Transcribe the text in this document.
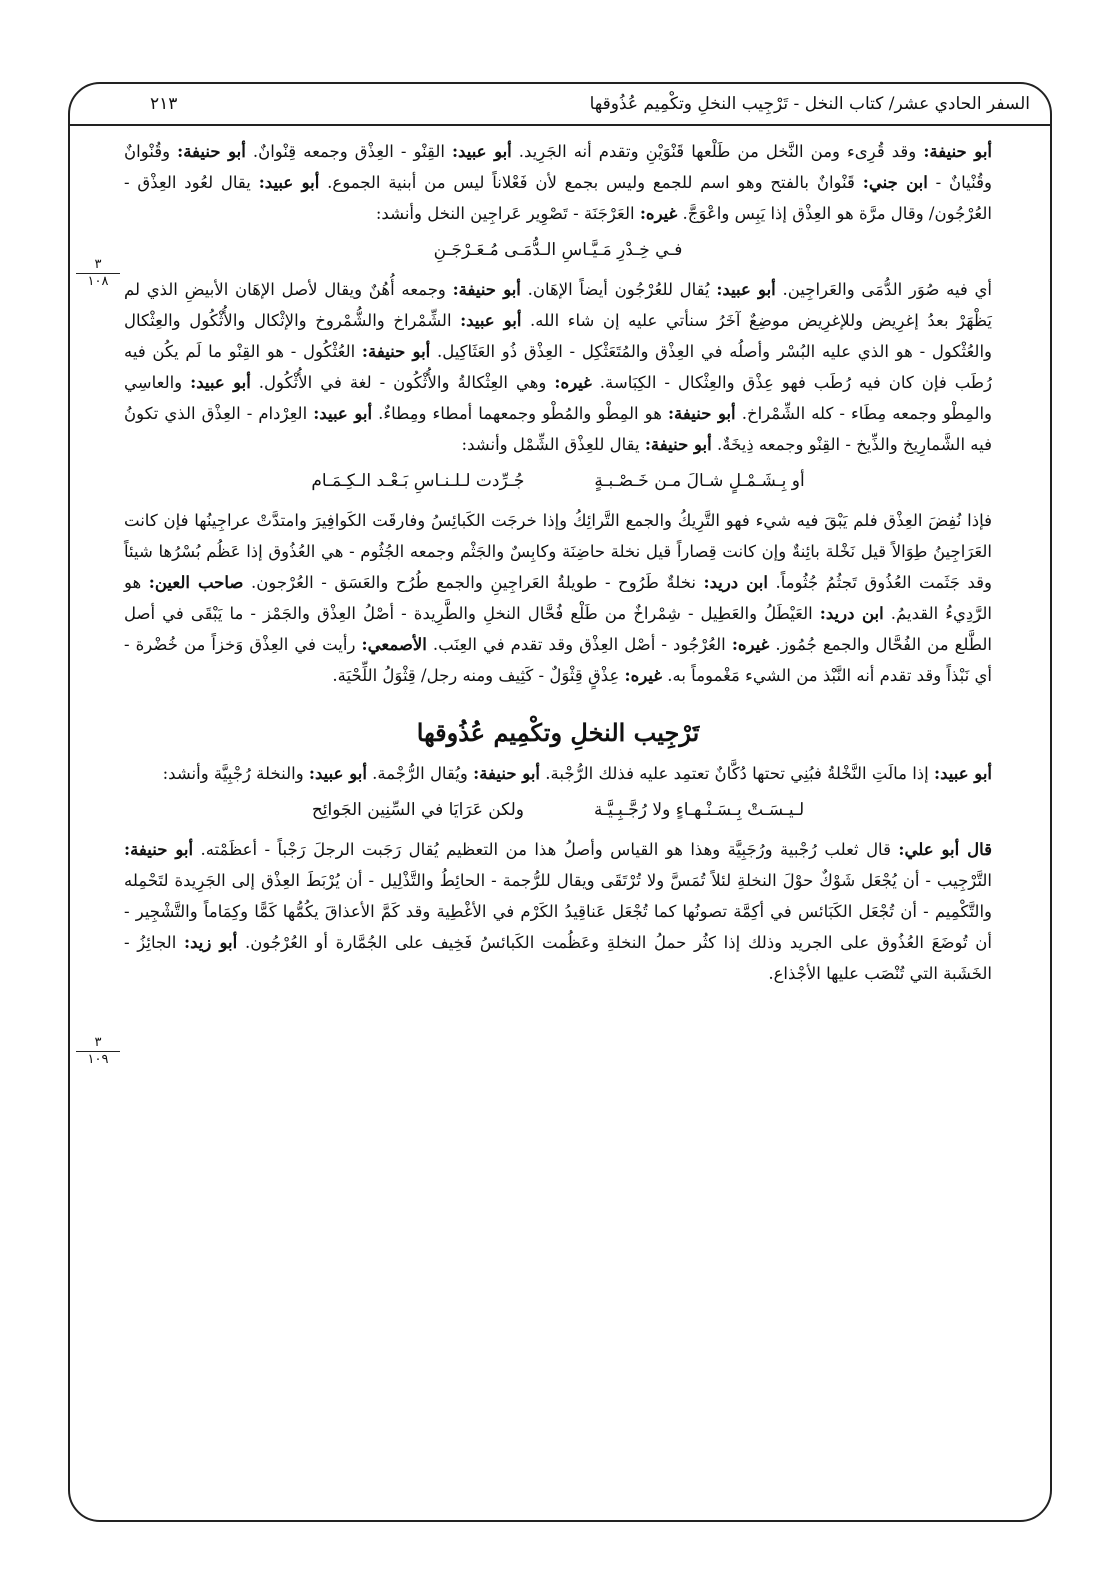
السفر الحادي عشر/ كتاب النخل - تَرْجِيب النخلِ وتكْمِيم عُذُوقها
٢١٣
٣
١٠٨
٣
١٠٩

أبو حنيفة: وقد قُرِىء ومن النَّخل من طَلْعها قَنْوَيْنِ وتقدم أنه الجَرِيد. أبو عبيد: القِنْو - العِذْق وجمعه قِنْوانٌ. أبو حنيفة: وقُنْوانٌ وقُنْيانٌ - ابن جني: قَنْوانٌ بالفتح وهو اسم للجمع وليس بجمع لأن فَعْلاناً ليس من أبنية الجموع. أبو عبيد: يقال لعُود العِذْق - العُرْجُون/ وقال مرَّة هو العِذْق إذا يَبِس واعْوَجَّ. غيره: العَرْجَنَة - تَصْوِير عَراجِين النخل وأنشد:

فـي خِـدْرِ مَـيَّـاسِ الـدُّمَـى مُـعَـرْجَـنِ

أي فيه صُوَر الدُّمَى والعَراجِين. أبو عبيد: يُقال للعُرْجُون أيضاً الإهَان. أبو حنيفة: وجمعه أُهُنٌ ويقال لأصل الإهَان الأبيضِ الذي لم يَظْهَرْ بعدُ إغرِيض وللإغرِيض موضِعٌ آخَرُ سنأتي عليه إن شاء الله. أبو عبيد: الشِّمْراخ والشُّمْروخ والإثْكال والأُثْكُول والعِثْكال والعُثْكول - هو الذي عليه البُسْر وأصلُه في العِذْق والمُتَعَثْكِل - العِذْق ذُو العَثَاكِيل. أبو حنيفة: العُثْكُول - هو القِنْو ما لَم يكُن فيه رُطَب فإن كان فيه رُطَب فهو عِذْق والعِثْكال - الكِبَاسة. غيره: وهي العِثْكالةُ والأُثْكُون - لغة في الأُثْكُول. أبو عبيد: والعاسِي والمِطْو وجمعه مِطَاء - كله الشِّمْراخ. أبو حنيفة: هو المِطْو والمُطْو وجمعهما أمطاء ومِطاءٌ. أبو عبيد: العِرْدام - العِذْق الذي تكونُ فيه الشَّمارِيخ والذِّيخ - القِنْو وجمعه ذِيخَةٌ. أبو حنيفة: يقال للعِذْق الشِّمْل وأنشد:

أو بِـشَـمْـلٍ شـالَ مـن خَـصْـبـةٍ
جُـرِّدت لـلـنـاسِ بَـعْـد الـكِـمَـام

فإذا نُفِضَ العِذْق فلم يَبْقَ فيه شيء فهو التَّرِيكُ والجمع التَّرائِكُ وإذا خرجَت الكَبائِسُ وفارقَت الكَوافِيرَ وامتدَّتْ عراجِينُها فإن كانت العَرَاجِينُ طِوَالاً قيل نَخْلة بائِنةٌ وإن كانت قِصاراً قيل نخلة حاضِنَة وكابِسٌ والجَثْم وجمعه الجُثُوم - هي العُذُوق إذا عَظُم بُسْرُها شيئاً وقد جَثَمت العُذُوق تَجثُمُ جُثُوماً. ابن دريد: نخلةٌ طَرُوح - طويلةُ العَراجِينِ والجمع طُرُح والعَسَق - العُرْجون. صاحب العين: هو الرَّدِيءُ القديمُ. ابن دريد: العَيْطَلُ والعَطِيل - شِمْراخٌ من طَلْع فُحَّال النخلِ والطَّرِيدة - أصْلُ العِذْق والجَمْز - ما يَبْقَى في أصل الطَّلع من الفُحَّال والجمع جُمُوز. غيره: العُرْجُود - أصْل العِذْق وقد تقدم في العِنَب. الأصمعي: رأيت في العِذْق وَخزاً من خُضْرة - أي نَبْذاً وقد تقدم أنه النَّبْذ من الشيء مَغْموماً به. غيره: عِذْقٍ قِثْوَلٌ - كَثِيف ومنه رجل/ قِثْوَلُ اللِّحْيَة.

تَرْجِيب النخلِ وتكْمِيم عُذُوقها

أبو عبيد: إذا مالَتِ النَّخْلةُ فبُنِي تحتها دُكَّانٌ تعتمِد عليه فذلك الرُّجْبة. أبو حنيفة: ويُقال الرُّجْمة. أبو عبيد: والنخلة رُجْبِيَّة وأنشد:

لـيـسَـتْ بِـسَـنْـهـاءٍ ولا رُجَّـبِـيَّـة
ولكن عَرَايَا في السِّنِين الجَوائِح

قال أبو علي: قال ثعلب رُجْبية ورُجَبِيَّة وهذا هو القياس وأصلُ هذا من التعظيم يُقال رَجَبت الرجلَ رَجْباً - أعظَمْته. أبو حنيفة: التَّرْجِيب - أن يُجْعَل شَوْكٌ حوْلَ النخلةِ لئلاً تُمَسَّ ولا تُرْتَقَى ويقال للرُّجمة - الحائِطُ والتَّذْلِيل - أن يُرْبَطَ العِذْق إلى الجَرِيدة لتَحْمِله والتَّكْمِيم - أن تُجْعَل الكَبَائس في أكِمَّة تصونُها كما تُجْعَل عَناقِيدُ الكَرْم في الأغْطِية وقد كَمَّ الأعذاقَ يكُمُّها كَمًّا وكِمَاماً والتَّشْجِير - أن تُوضَعَ العُذُوق على الجريد وذلك إذا كثُر حملُ النخلةِ وعَظُمت الكَبائسُ فَخِيف على الجُمَّارة أو العُرْجُون. أبو زيد: الجائِزُ - الخَشَبة التي تُنْصَب عليها الأجْذاع.
